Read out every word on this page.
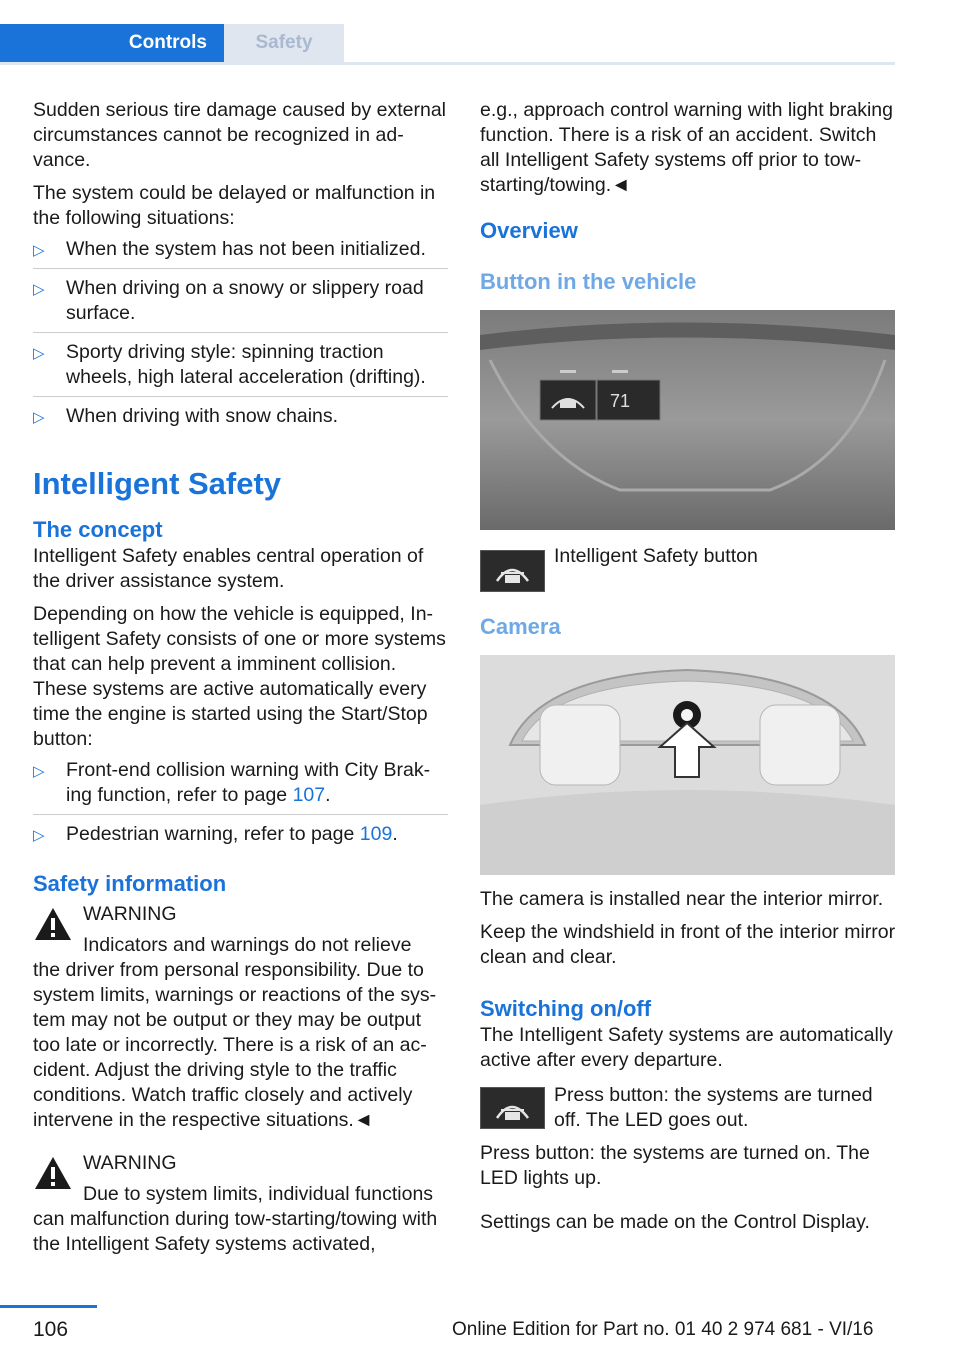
Controls	Safety

Sudden serious tire damage caused by external circumstances cannot be recognized in advance.

The system could be delayed or malfunction in the following situations:

▷ When the system has not been initialized.
▷ When driving on a snowy or slippery road surface.
▷ Sporty driving style: spinning traction wheels, high lateral acceleration (drifting).
▷ When driving with snow chains.
Intelligent Safety
The concept

Intelligent Safety enables central operation of the driver assistance system.

Depending on how the vehicle is equipped, Intelligent Safety consists of one or more systems that can help prevent a imminent collision. These systems are active automatically every time the engine is started using the Start/Stop button:

▷ Front-end collision warning with City Braking function, refer to page 107.
▷ Pedestrian warning, refer to page 109.
Safety information
WARNING
Indicators and warnings do not relieve

the driver from personal responsibility. Due to system limits, warnings or reactions of the system may not be output or they may be output too late or incorrectly. There is a risk of an accident. Adjust the driving style to the traffic conditions. Watch traffic closely and actively intervene in the respective situations.◄

WARNING
Due to system limits, individual functions

can malfunction during tow-starting/towing with the Intelligent Safety systems activated,

e.g., approach control warning with light braking function. There is a risk of an accident. Switch all Intelligent Safety systems off prior to tow-starting/towing.◄

Overview
Button in the vehicle
71

Intelligent Safety button

Camera

The camera is installed near the interior mirror.

Keep the windshield in front of the interior mirror clean and clear.

Switching on/off

The Intelligent Safety systems are automatically active after every departure.

Press button: the systems are turned off. The LED goes out.

Press button: the systems are turned on. The LED lights up.

Settings can be made on the Control Display.

106	Online Edition for Part no. 01 40 2 974 681 - VI/16
